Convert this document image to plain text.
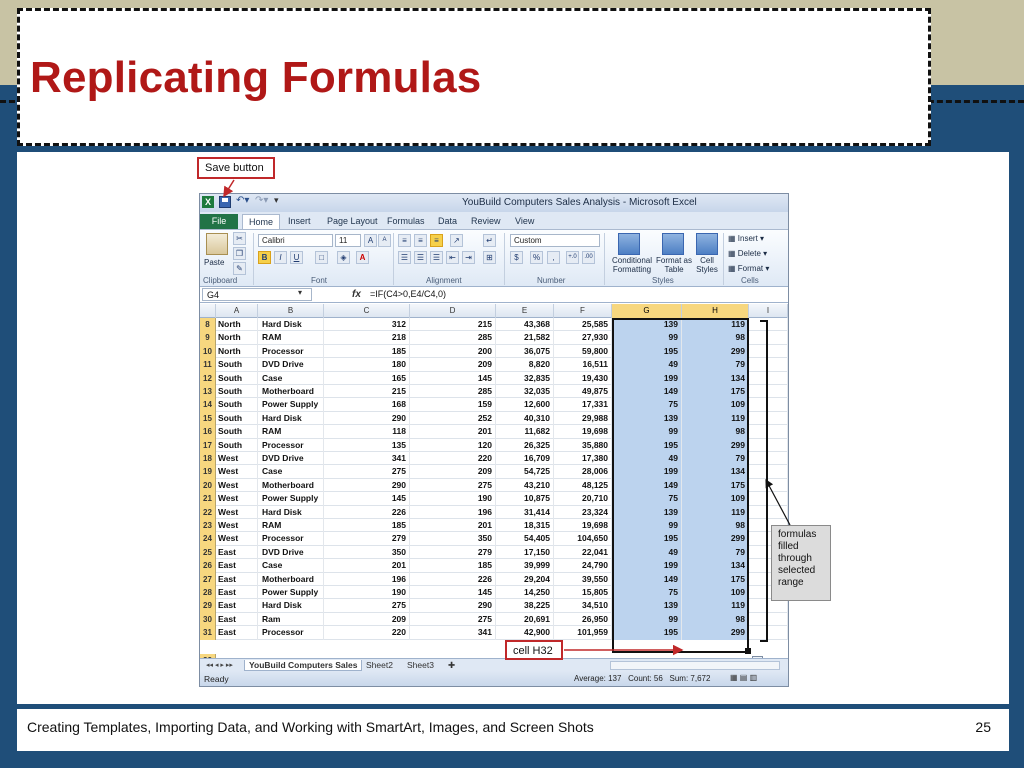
Replicating Formulas
X	↶▾ ↷▾ ▾	YouBuild Computers Sales Analysis - Microsoft Excel
File	Home	Insert	Page Layout	Formulas	Data	Review	View
Paste
✂
❐
✎
Clipboard
Calibri	11	A	A
B	I	U	□	◈	A
Font
≡	≡	≡	↗	↵
☰	☰	☰	⇤	⇥	⊞
Alignment
Custom
$	%	,	+.0	.00
Number
Conditional Formatting
Format as Table
Cell Styles
Styles
▦ Insert ▾
▦ Delete ▾
▦ Format ▾
Cells
G4	▾	fx =IF(C4>0,E4/C4,0)
A	B	C	D	E	F	G	H	I
8 North	Hard Disk	312	215	43,368	25,585	139	119
9 North	RAM	218	285	21,582	27,930	99	98
10 North	Processor	185	200	36,075	59,800	195	299
11 South	DVD Drive	180	209	8,820	16,511	49	79
12 South	Case	165	145	32,835	19,430	199	134
13 South	Motherboard	215	285	32,035	49,875	149	175
14 South	Power Supply	168	159	12,600	17,331	75	109
15 South	Hard Disk	290	252	40,310	29,988	139	119
16 South	RAM	118	201	11,682	19,698	99	98
17 South	Processor	135	120	26,325	35,880	195	299
18 West	DVD Drive	341	220	16,709	17,380	49	79
19 West	Case	275	209	54,725	28,006	199	134
20 West	Motherboard	290	275	43,210	48,125	149	175
21 West	Power Supply	145	190	10,875	20,710	75	109
22 West	Hard Disk	226	196	31,414	23,324	139	119
23 West	RAM	185	201	18,315	19,698	99	98
24 West	Processor	279	350	54,405	104,650	195	299
25 East	DVD Drive	350	279	17,150	22,041	49	79
26 East	Case	201	185	39,999	24,790	199	134
27 East	Motherboard	196	226	29,204	39,550	149	175
28 East	Power Supply	190	145	14,250	15,805	75	109
29 East	Hard Disk	275	290	38,225	34,510	139	119
30 East	Ram	209	275	20,691	26,950	99	98
31 East	Processor	220	341	42,900	101,959	195	299
◂◂ ◂ ▸ ▸▸	YouBuild Computers Sales	Sheet2	Sheet3	✚
Ready	Average: 137 Count: 56 Sum: 7,672 ▦ ▤ ▥
Save button
cell H32
formulas filled through selected range
Creating Templates, Importing Data, and Working with SmartArt, Images, and Screen Shots	25
